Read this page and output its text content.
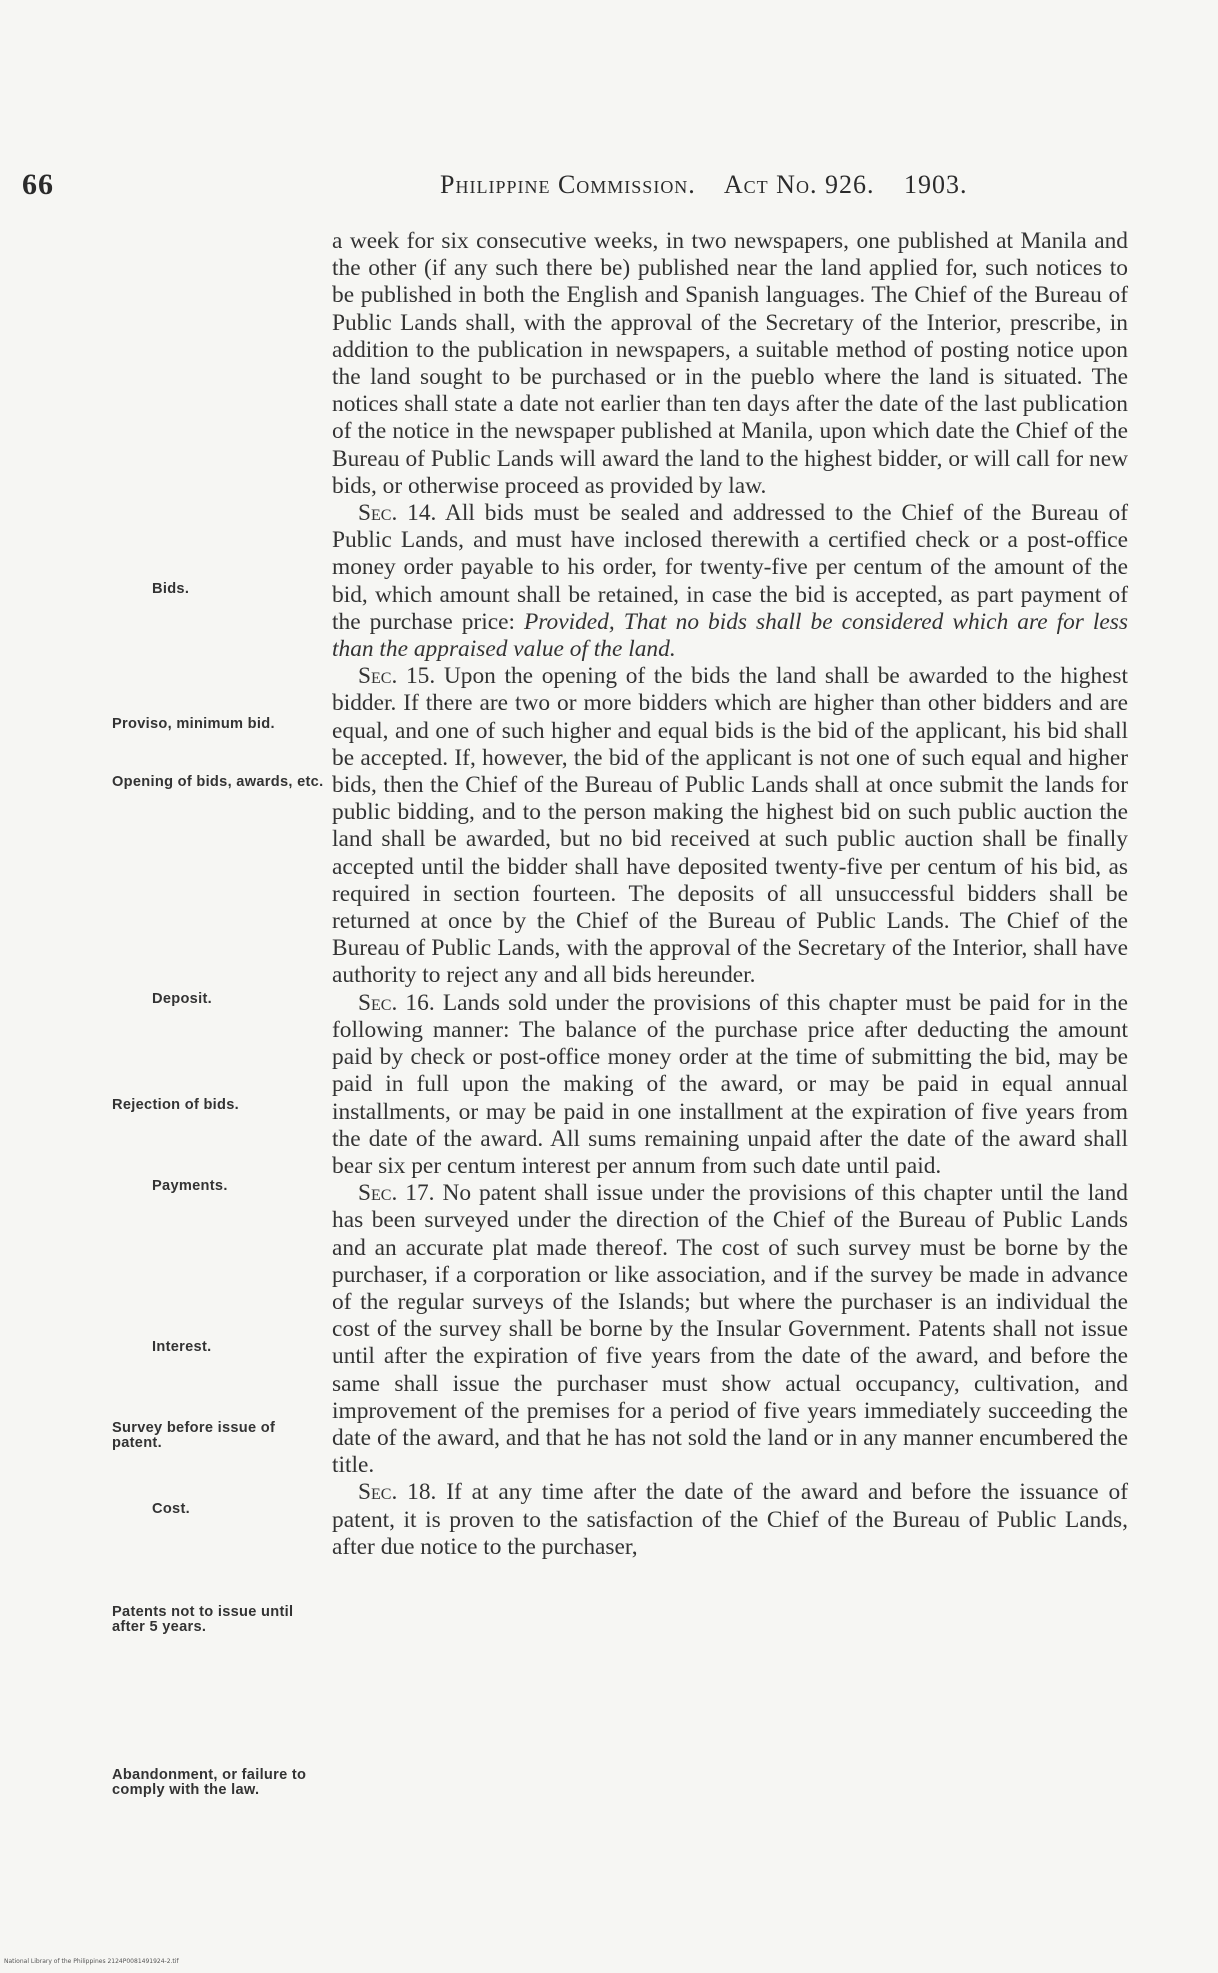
66	Philippine Commission. Act No. 926. 1903.
Bids.
Proviso, minimum bid.
Opening of bids, awards, etc.
Deposit.
Rejection of bids.
Payments.
Interest.
Survey before issue of patent.
Cost.
Patents not to issue until after 5 years.
Abandonment, or failure to comply with the law.

a week for six consecutive weeks, in two newspapers, one published at Manila and the other (if any such there be) published near the land applied for, such notices to be published in both the English and Spanish languages. The Chief of the Bureau of Public Lands shall, with the approval of the Secretary of the Interior, prescribe, in addition to the publication in newspapers, a suitable method of posting notice upon the land sought to be purchased or in the pueblo where the land is situated. The notices shall state a date not earlier than ten days after the date of the last publication of the notice in the newspaper published at Manila, upon which date the Chief of the Bureau of Public Lands will award the land to the highest bidder, or will call for new bids, or otherwise proceed as provided by law.

Sec. 14. All bids must be sealed and addressed to the Chief of the Bureau of Public Lands, and must have inclosed therewith a certified check or a post-office money order payable to his order, for twenty-five per centum of the amount of the bid, which amount shall be retained, in case the bid is accepted, as part payment of the purchase price: Provided, That no bids shall be considered which are for less than the appraised value of the land.

Sec. 15. Upon the opening of the bids the land shall be awarded to the highest bidder. If there are two or more bidders which are higher than other bidders and are equal, and one of such higher and equal bids is the bid of the applicant, his bid shall be accepted. If, however, the bid of the applicant is not one of such equal and higher bids, then the Chief of the Bureau of Public Lands shall at once submit the lands for public bidding, and to the person making the highest bid on such public auction the land shall be awarded, but no bid received at such public auction shall be finally accepted until the bidder shall have deposited twenty-five per centum of his bid, as required in section fourteen. The deposits of all unsuccessful bidders shall be returned at once by the Chief of the Bureau of Public Lands. The Chief of the Bureau of Public Lands, with the approval of the Secretary of the Interior, shall have authority to reject any and all bids hereunder.

Sec. 16. Lands sold under the provisions of this chapter must be paid for in the following manner: The balance of the purchase price after deducting the amount paid by check or post-office money order at the time of submitting the bid, may be paid in full upon the making of the award, or may be paid in equal annual installments, or may be paid in one installment at the expiration of five years from the date of the award. All sums remaining unpaid after the date of the award shall bear six per centum interest per annum from such date until paid.

Sec. 17. No patent shall issue under the provisions of this chapter until the land has been surveyed under the direction of the Chief of the Bureau of Public Lands and an accurate plat made thereof. The cost of such survey must be borne by the purchaser, if a corporation or like association, and if the survey be made in advance of the regular surveys of the Islands; but where the purchaser is an individual the cost of the survey shall be borne by the Insular Government. Patents shall not issue until after the expiration of five years from the date of the award, and before the same shall issue the purchaser must show actual occupancy, cultivation, and improvement of the premises for a period of five years immediately succeeding the date of the award, and that he has not sold the land or in any manner encumbered the title.

Sec. 18. If at any time after the date of the award and before the issuance of patent, it is proven to the satisfaction of the Chief of the Bureau of Public Lands, after due notice to the purchaser,

National Library of the Philippines 2124P0081491924-2.tif
